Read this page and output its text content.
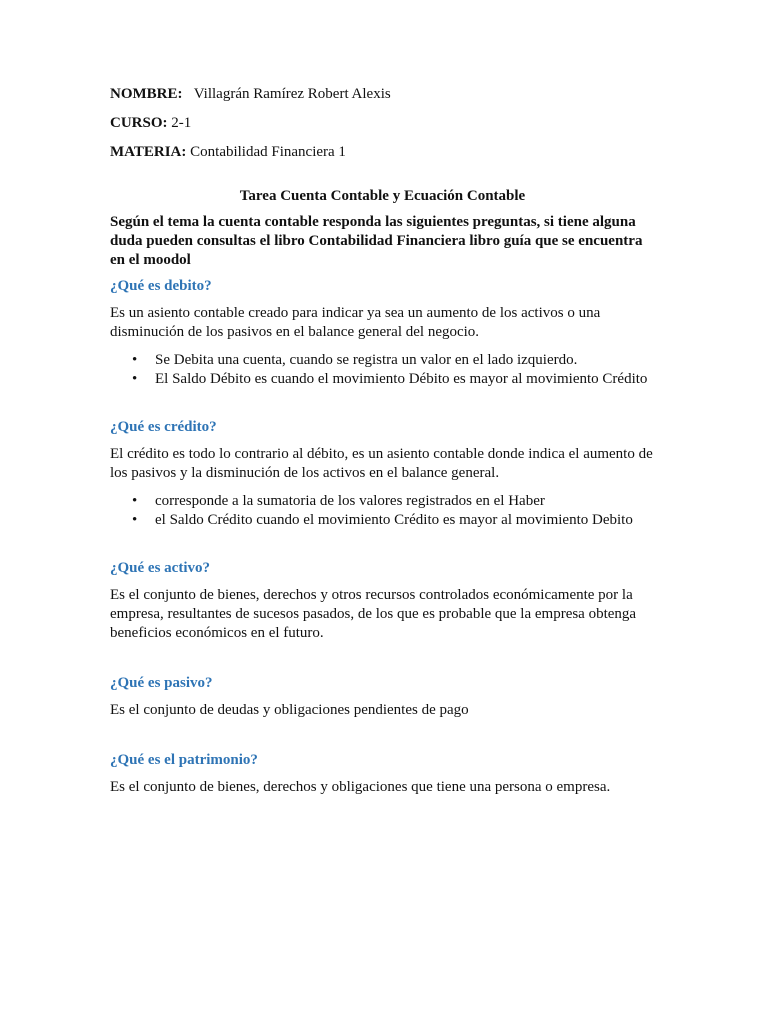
NOMBRE: Villagrán Ramírez Robert Alexis
CURSO: 2-1
MATERIA: Contabilidad Financiera 1
Tarea Cuenta Contable y Ecuación Contable
Según el tema la cuenta contable responda las siguientes preguntas, si tiene alguna duda pueden consultas el libro Contabilidad Financiera libro guía que se encuentra en el moodol
¿Qué es debito?
Es un asiento contable creado para indicar ya sea un aumento de los activos o una disminución de los pasivos en el balance general del negocio.
• Se Debita una cuenta, cuando se registra un valor en el lado izquierdo.
• El Saldo Débito es cuando el movimiento Débito es mayor al movimiento Crédito
¿Qué es crédito?
El crédito es todo lo contrario al débito, es un asiento contable donde indica el aumento de los pasivos y la disminución de los activos en el balance general.
• corresponde a la sumatoria de los valores registrados en el Haber
• el Saldo Crédito cuando el movimiento Crédito es mayor al movimiento Debito
¿Qué es activo?
Es el conjunto de bienes, derechos y otros recursos controlados económicamente por la empresa, resultantes de sucesos pasados, de los que es probable que la empresa obtenga beneficios económicos en el futuro.
¿Qué es pasivo?
Es el conjunto de deudas y obligaciones pendientes de pago
¿Qué es el patrimonio?
Es el conjunto de bienes, derechos y obligaciones que tiene una persona o empresa.
